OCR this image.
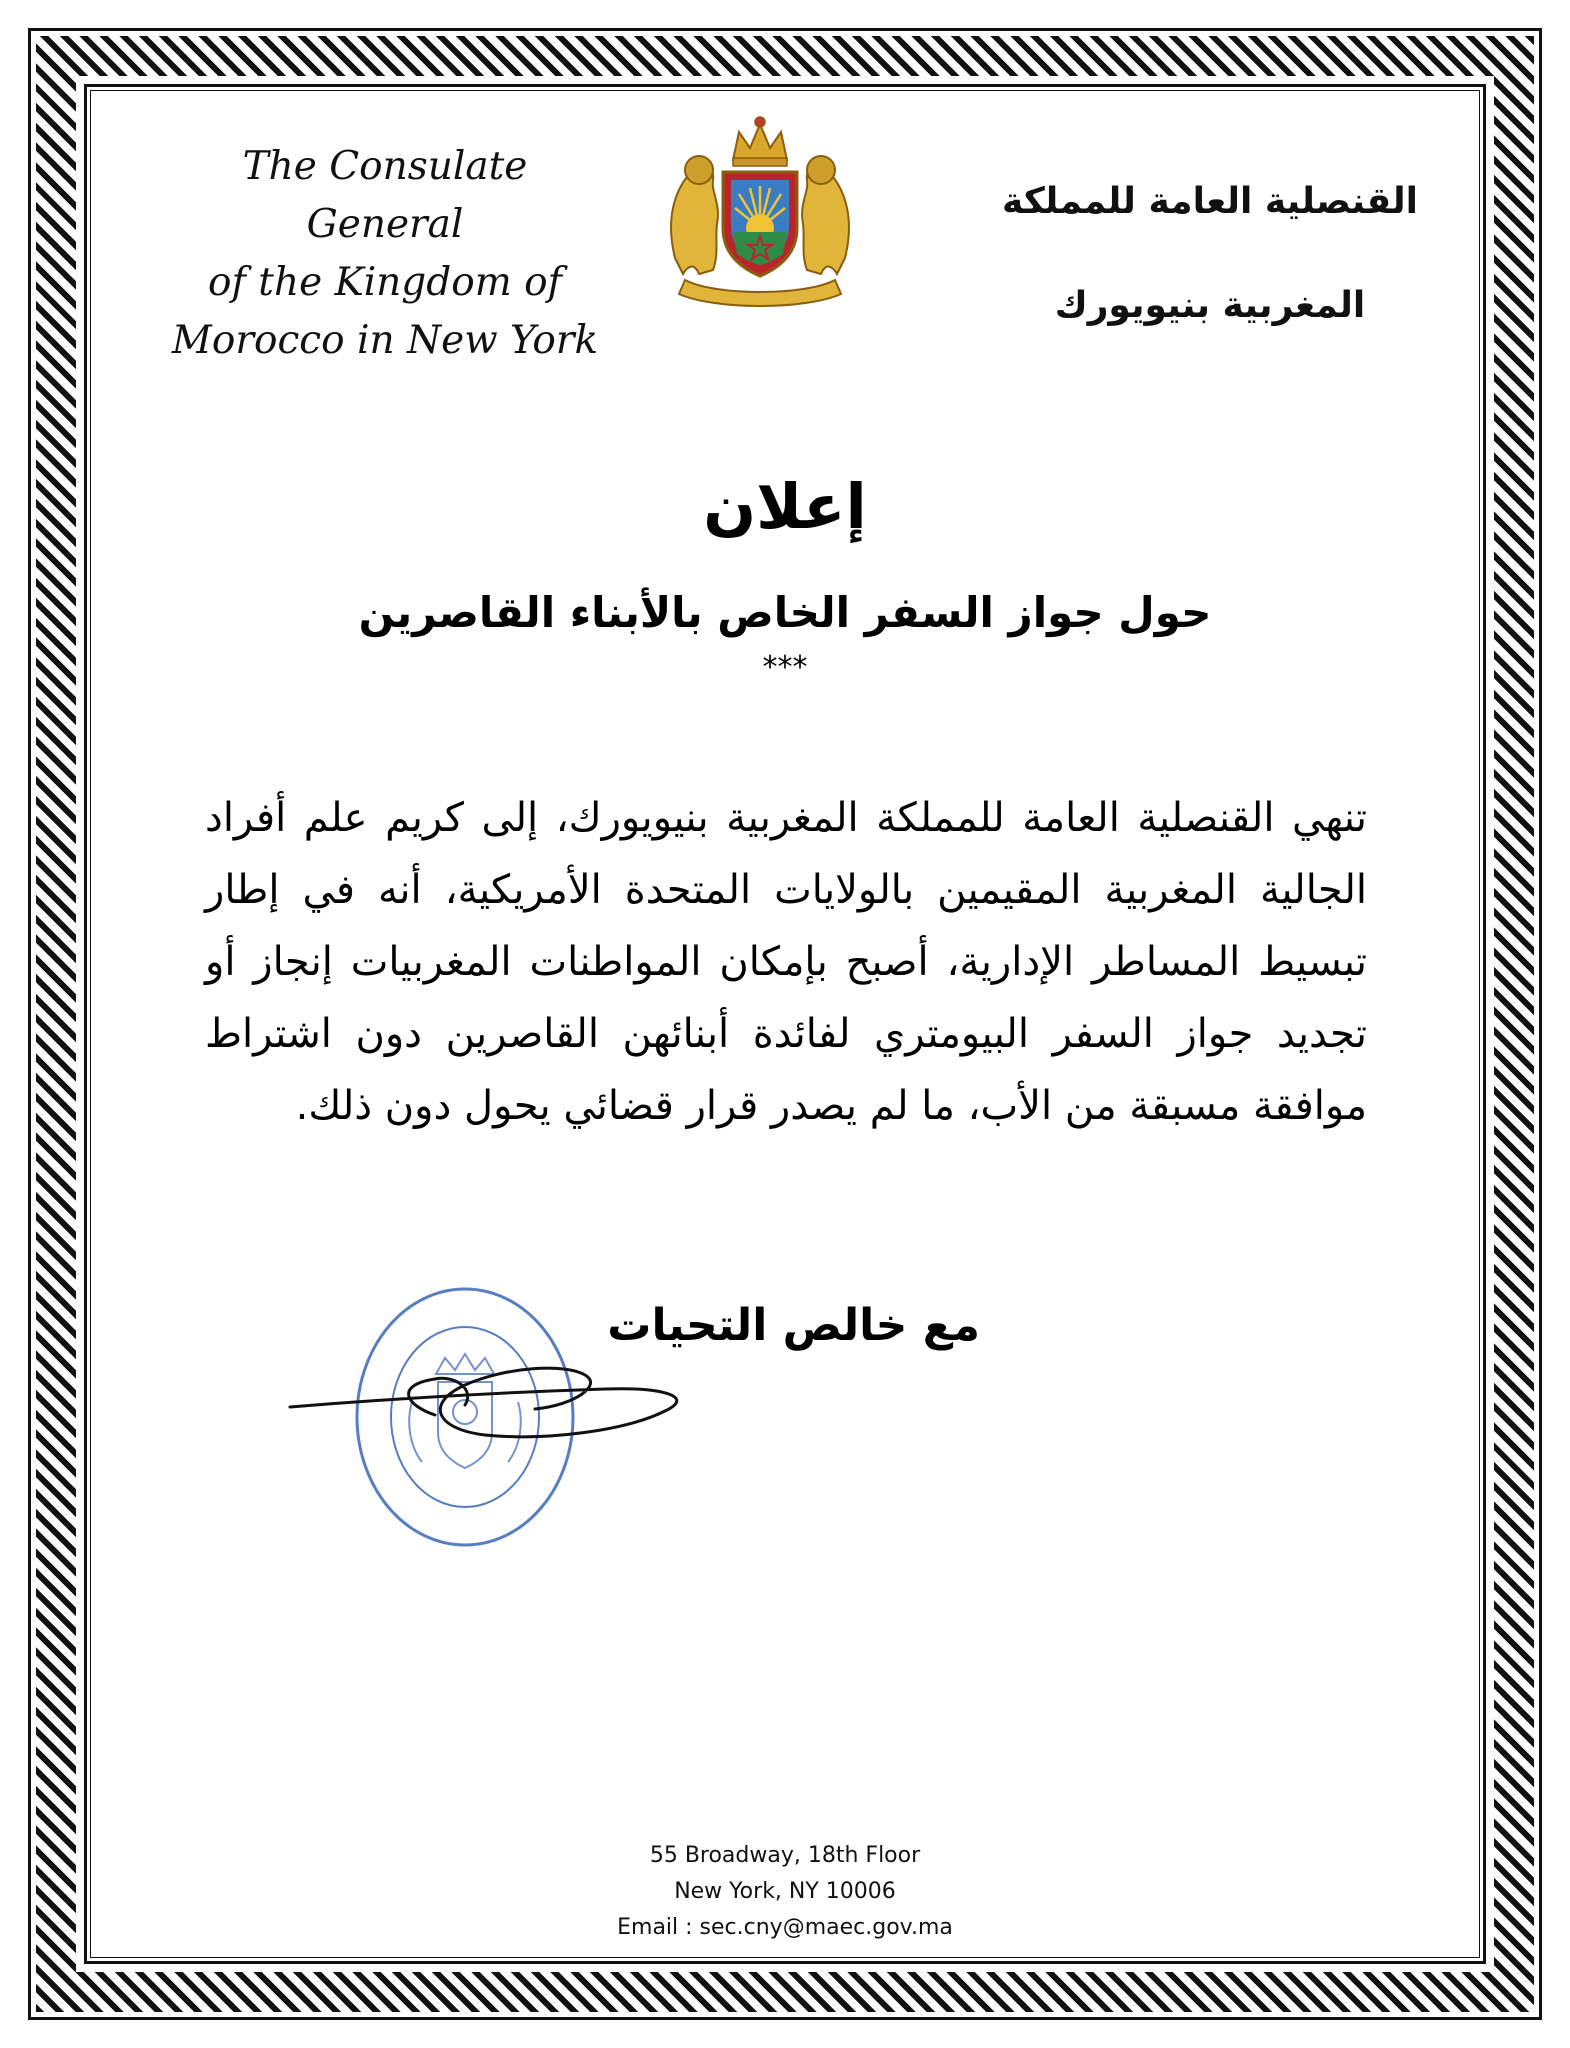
The Consulate General
of the Kingdom of
Morocco in New York
القنصلية العامة للمملكة
المغربية بنيويورك
إعلان
حول جواز السفر الخاص بالأبناء القاصرين
***
تنهي القنصلية العامة للمملكة المغربية بنيويورك، إلى كريم علم أفراد الجالية المغربية المقيمين بالولايات المتحدة الأمريكية، أنه في إطار تبسيط المساطر الإدارية، أصبح بإمكان المواطنات المغربيات إنجاز أو تجديد جواز السفر البيومتري لفائدة أبنائهن القاصرين دون اشتراط موافقة مسبقة من الأب، ما لم يصدر قرار قضائي يحول دون ذلك.
مع خالص التحيات
55 Broadway, 18th Floor
New York, NY 10006
Email : sec.cny@maec.gov.ma
